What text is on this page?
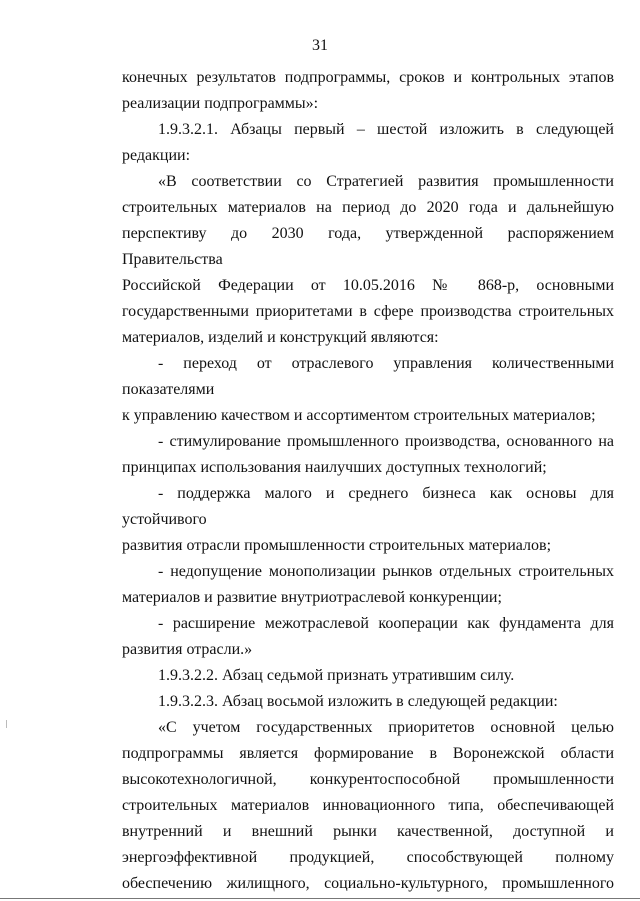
31

конечных результатов подпрограммы, сроков и контрольных этапов

реализации подпрограммы»:

1.9.3.2.1. Абзацы первый – шестой изложить в следующей редакции:

«В соответствии со Стратегией развития промышленности

строительных материалов на период до 2020 года и дальнейшую

перспективу до 2030 года, утвержденной распоряжением Правительства

Российской Федерации от 10.05.2016 № 868-р, основными

государственными приоритетами в сфере производства строительных

материалов, изделий и конструкций являются:

- переход от отраслевого управления количественными показателями

к управлению качеством и ассортиментом строительных материалов;

- стимулирование промышленного производства, основанного на

принципах использования наилучших доступных технологий;

- поддержка малого и среднего бизнеса как основы для устойчивого

развития отрасли промышленности строительных материалов;

- недопущение монополизации рынков отдельных строительных

материалов и развитие внутриотраслевой конкуренции;

- расширение межотраслевой кооперации как фундамента для

развития отрасли.»

1.9.3.2.2. Абзац седьмой признать утратившим силу.

1.9.3.2.3. Абзац восьмой изложить в следующей редакции:

«С учетом государственных приоритетов основной целью

подпрограммы является формирование в Воронежской области

высокотехнологичной, конкурентоспособной промышленности

строительных материалов инновационного типа, обеспечивающей

внутренний и внешний рынки качественной, доступной и

энергоэффективной продукцией, способствующей полному

обеспечению жилищного, социально-культурного, промышленного
